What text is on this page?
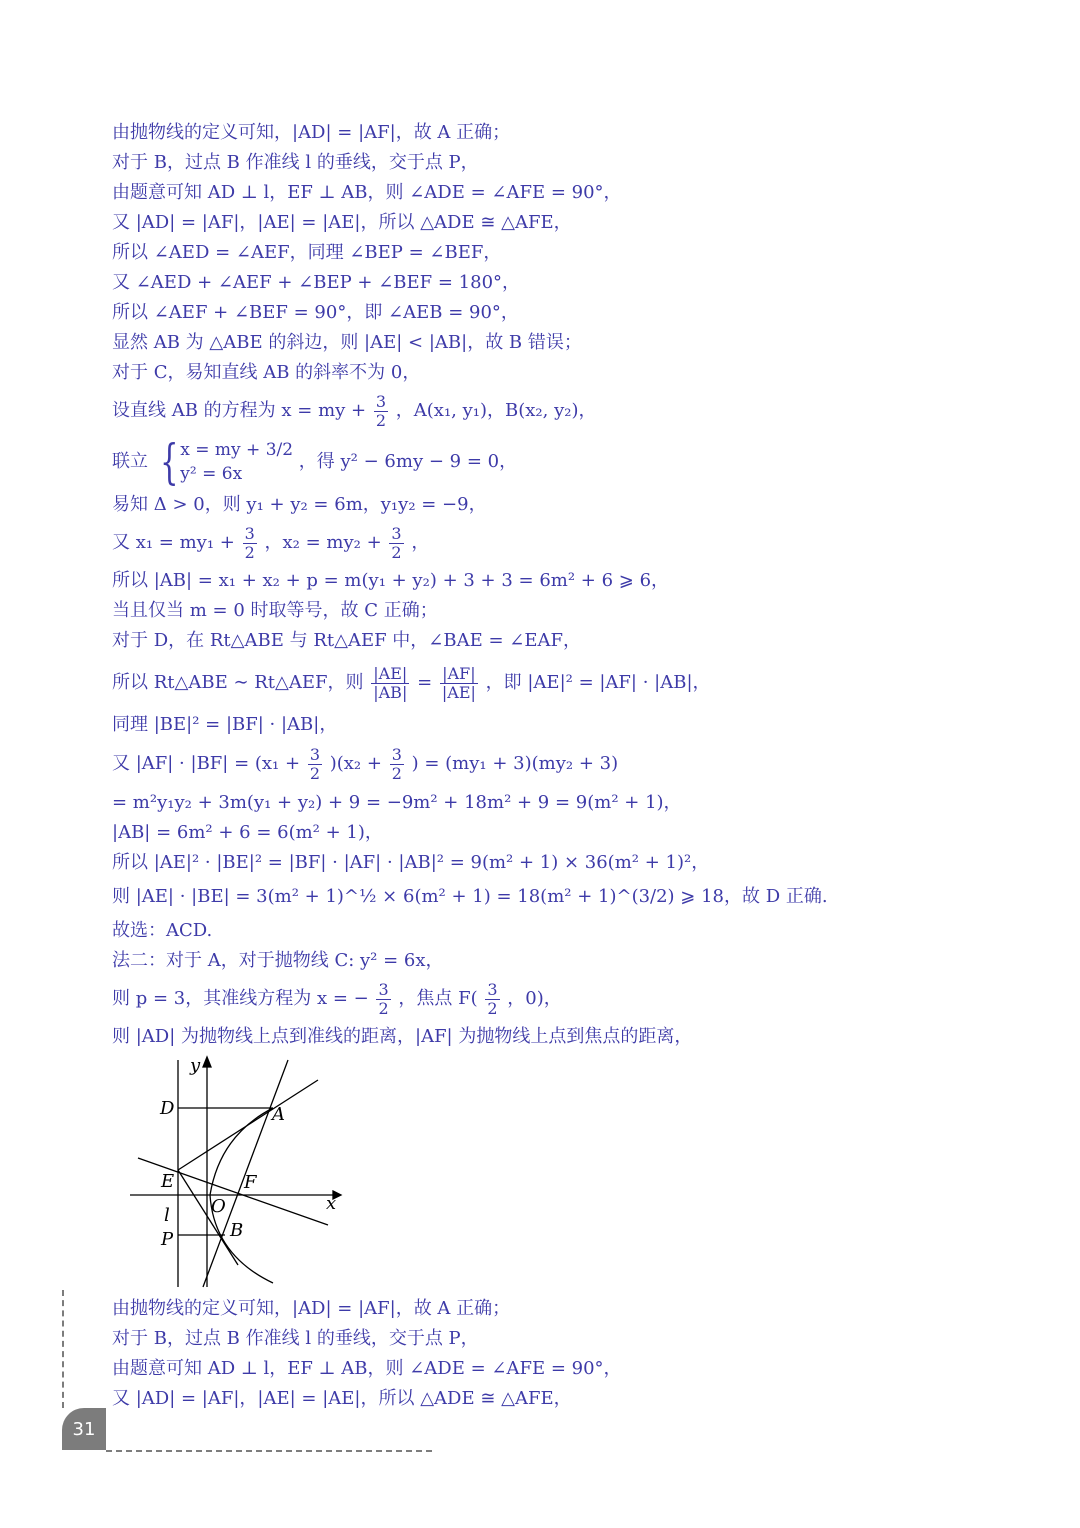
由抛物线的定义可知，|AD| = |AF|，故 A 正确；
对于 B，过点 B 作准线 l 的垂线，交于点 P，
由题意可知 AD ⊥ l，EF ⊥ AB，则 ∠ADE = ∠AFE = 90°，
又 |AD| = |AF|，|AE| = |AE|，所以 △ADE ≅ △AFE，
所以 ∠AED = ∠AEF，同理 ∠BEP = ∠BEF，
又 ∠AED + ∠AEF + ∠BEP + ∠BEF = 180°，
所以 ∠AEF + ∠BEF = 90°，即 ∠AEB = 90°，
显然 AB 为 △ABE 的斜边，则 |AE| < |AB|，故 B 错误；
对于 C，易知直线 AB 的斜率不为 0，
设直线 AB 的方程为 x = my + $\frac{3}{2}$ ，A(x₁, y₁)，B(x₂, y₂)，
联立 { x = my + 3/2
y² = 6x
，得 y² − 6my − 9 = 0，
易知 Δ > 0，则 y₁ + y₂ = 6m，y₁y₂ = −9，
又 $x_1 = my_1 + \frac{3}{2}$ ，$x_2 = my_2 + \frac{3}{2}$ ，
所以 |AB| = x₁ + x₂ + p = m(y₁ + y₂) + 3 + 3 = 6m² + 6 ⩾ 6，
当且仅当 m = 0 时取等号，故 C 正确；
对于 D，在 Rt△ABE 与 Rt△AEF 中，∠BAE = ∠EAF，
所以 Rt△ABE ∼ Rt△AEF，则 $\frac{|AE|}{|AB|} = \frac{|AF|}{|AE|}$ ，即 |AE|² = |AF| · |AB|，
同理 |BE|² = |BF| · |AB|，
又 $|AF| \cdot |BF| = (x_1 + \frac{3}{2} )(x_2 + \frac{3}{2}$ ) = (my₁ + 3)(my₂ + 3)
= m²y₁y₂ + 3m(y₁ + y₂) + 9 = −9m² + 18m² + 9 = 9(m² + 1)，
|AB| = 6m² + 6 = 6(m² + 1)，
所以 |AE|² · |BE|² = |BF| · |AF| · |AB|² = 9(m² + 1) × 36(m² + 1)²，
则 |AE| · |BE| = 3(m² + 1)^½ × 6(m² + 1) = 18(m² + 1)^(3/2) ⩾ 18，故 D 正确.
故选：ACD.
法二：对于 A，对于抛物线 C: y² = 6x，
则 p = 3，其准线方程为 x = − $\frac{3}{2}$ ，焦点 $F( \frac{3}{2}$ ，0)，
则 |AD| 为抛物线上点到准线的距离，|AF| 为抛物线上点到焦点的距离，
y
x
D	A
E	F
O
l
P	B
由抛物线的定义可知，|AD| = |AF|，故 A 正确；
对于 B，过点 B 作准线 l 的垂线，交于点 P，
由题意可知 AD ⊥ l，EF ⊥ AB，则 ∠ADE = ∠AFE = 90°，
又 |AD| = |AF|，|AE| = |AE|，所以 △ADE ≅ △AFE，
31
